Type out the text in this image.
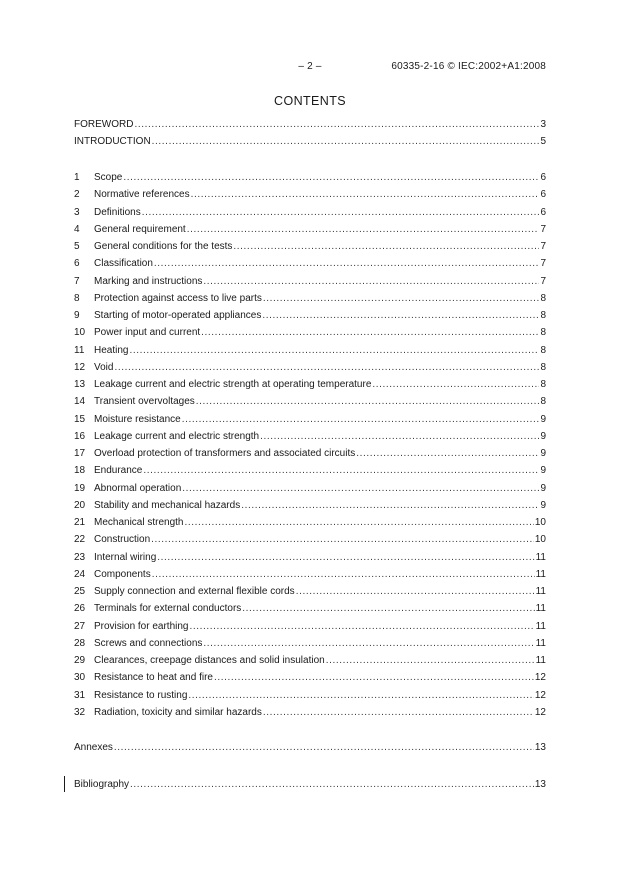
– 2 –	60335-2-16 © IEC:2002+A1:2008
CONTENTS
FOREWORD .....	3
INTRODUCTION .....	5
1	Scope .....	6
2	Normative references .....	6
3	Definitions .....	6
4	General requirement .....	7
5	General conditions for the tests .....	7
6	Classification .....	7
7	Marking and instructions .....	7
8	Protection against access to live parts .....	8
9	Starting of motor-operated appliances .....	8
10 Power input and current .....	8
11 Heating .....	8
12 Void .....	8
13 Leakage current and electric strength at operating temperature .....	8
14 Transient overvoltages .....	8
15 Moisture resistance .....	9
16 Leakage current and electric strength .....	9
17 Overload protection of transformers and associated circuits .....	9
18 Endurance .....	9
19 Abnormal operation .....	9
20 Stability and mechanical hazards .....	9
21 Mechanical strength .....	10
22 Construction .....	10
23 Internal wiring .....	11
24 Components .....	11
25 Supply connection and external flexible cords .....	11
26 Terminals for external conductors .....	11
27 Provision for earthing .....	11
28 Screws and connections .....	11
29 Clearances, creepage distances and solid insulation .....	11
30 Resistance to heat and fire .....	12
31 Resistance to rusting .....	12
32 Radiation, toxicity and similar hazards .....	12
Annexes .....	13
Bibliography .....	13
